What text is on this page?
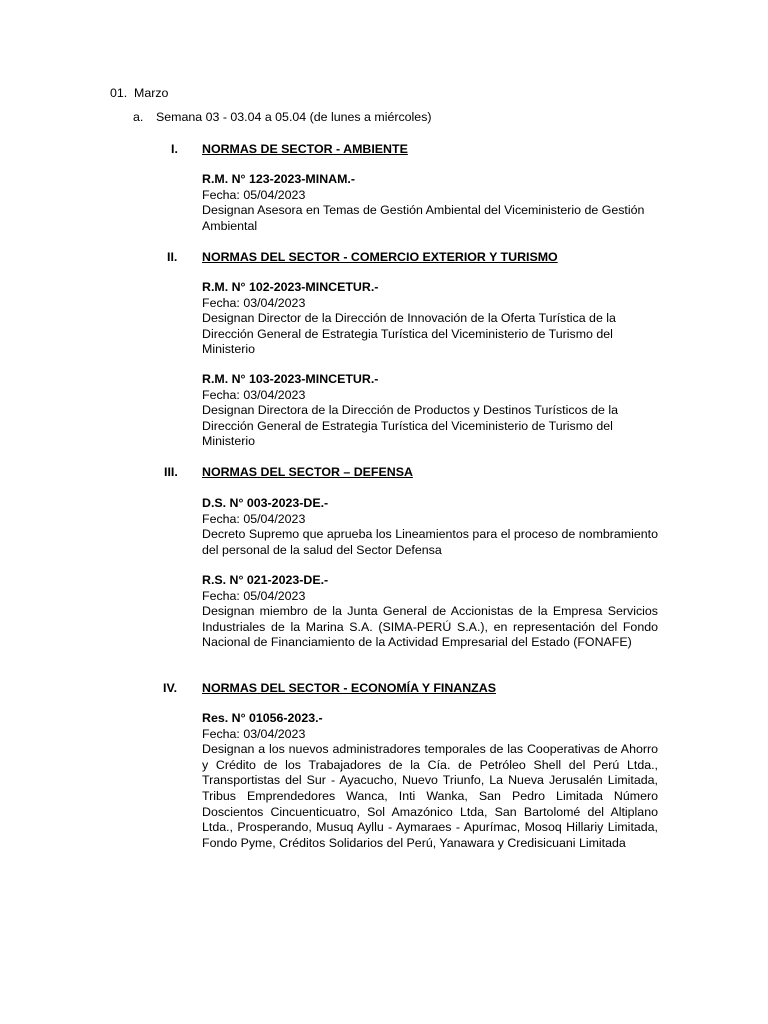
01. Marzo
a. Semana 03 - 03.04 a 05.04 (de lunes a miércoles)
I. NORMAS DE SECTOR - AMBIENTE
R.M. N° 123-2023-MINAM.-
Fecha: 05/04/2023
Designan Asesora en Temas de Gestión Ambiental del Viceministerio de Gestión Ambiental
II. NORMAS DEL SECTOR - COMERCIO EXTERIOR Y TURISMO
R.M. N° 102-2023-MINCETUR.-
Fecha: 03/04/2023
Designan Director de la Dirección de Innovación de la Oferta Turística de la Dirección General de Estrategia Turística del Viceministerio de Turismo del Ministerio
R.M. N° 103-2023-MINCETUR.-
Fecha: 03/04/2023
Designan Directora de la Dirección de Productos y Destinos Turísticos de la Dirección General de Estrategia Turística del Viceministerio de Turismo del Ministerio
III. NORMAS DEL SECTOR – DEFENSA
D.S. N° 003-2023-DE.-
Fecha: 05/04/2023
Decreto Supremo que aprueba los Lineamientos para el proceso de nombramiento del personal de la salud del Sector Defensa
R.S. N° 021-2023-DE.-
Fecha: 05/04/2023
Designan miembro de la Junta General de Accionistas de la Empresa Servicios Industriales de la Marina S.A. (SIMA-PERÚ S.A.), en representación del Fondo Nacional de Financiamiento de la Actividad Empresarial del Estado (FONAFE)
IV. NORMAS DEL SECTOR - ECONOMÍA Y FINANZAS
Res. N° 01056-2023.-
Fecha: 03/04/2023
Designan a los nuevos administradores temporales de las Cooperativas de Ahorro y Crédito de los Trabajadores de la Cía. de Petróleo Shell del Perú Ltda., Transportistas del Sur - Ayacucho, Nuevo Triunfo, La Nueva Jerusalén Limitada, Tribus Emprendedores Wanca, Inti Wanka, San Pedro Limitada Número Doscientos Cincuenticuatro, Sol Amazónico Ltda, San Bartolomé del Altiplano Ltda., Prosperando, Musuq Ayllu - Aymaraes - Apurímac, Mosoq Hillariy Limitada, Fondo Pyme, Créditos Solidarios del Perú, Yanawara y Credisicuani Limitada
